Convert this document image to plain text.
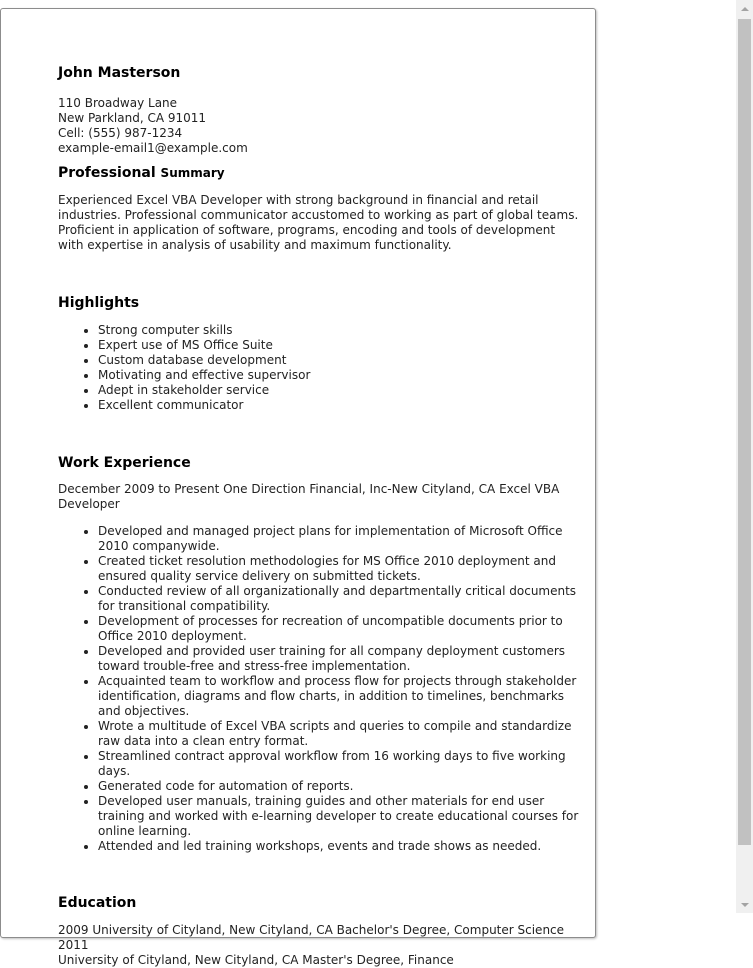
John Masterson
110 Broadway Lane
New Parkland, CA 91011
Cell: (555) 987-1234
example-email1@example.com
Professional Summary

Experienced Excel VBA Developer with strong background in financial and retail industries. Professional communicator accustomed to working as part of global teams. Proficient in application of software, programs, encoding and tools of development with expertise in analysis of usability and maximum functionality.

Highlights
• Strong computer skills
• Expert use of MS Office Suite
• Custom database development
• Motivating and effective supervisor
• Adept in stakeholder service
• Excellent communicator
Work Experience
December 2009 to Present One Direction Financial, Inc-New Cityland, CA Excel VBA Developer
• Developed and managed project plans for implementation of Microsoft Office 2010 companywide.
• Created ticket resolution methodologies for MS Office 2010 deployment and ensured quality service delivery on submitted tickets.
• Conducted review of all organizationally and departmentally critical documents for transitional compatibility.
• Development of processes for recreation of uncompatible documents prior to Office 2010 deployment.
• Developed and provided user training for all company deployment customers toward trouble-free and stress-free implementation.
• Acquainted team to workflow and process flow for projects through stakeholder identification, diagrams and flow charts, in addition to timelines, benchmarks and objectives.
• Wrote a multitude of Excel VBA scripts and queries to compile and standardize raw data into a clean entry format.
• Streamlined contract approval workflow from 16 working days to five working days.
• Generated code for automation of reports.
• Developed user manuals, training guides and other materials for end user training and worked with e-learning developer to create educational courses for online learning.
• Attended and led training workshops, events and trade shows as needed.
Education
2009 University of Cityland, New Cityland, CA Bachelor's Degree, Computer Science 2011
University of Cityland, New Cityland, CA Master's Degree, Finance
